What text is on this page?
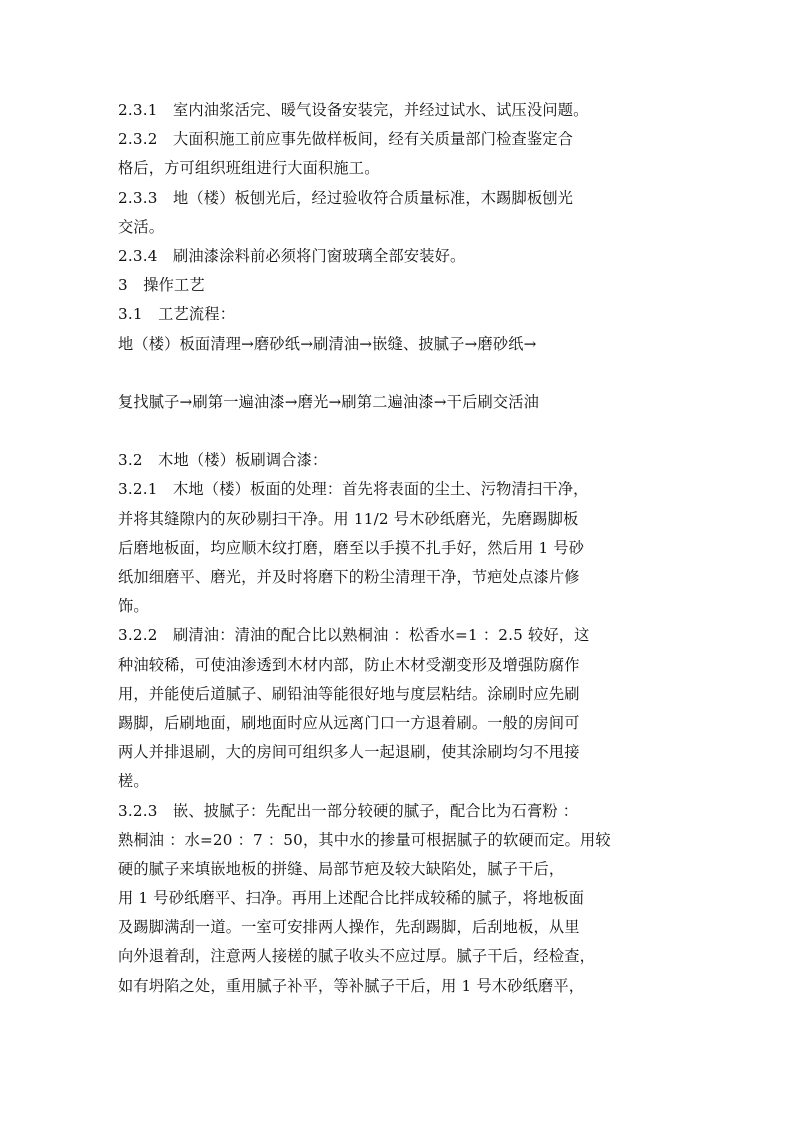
2.3.1　室内油浆活完、暖气设备安装完，并经过试水、试压没问题。
2.3.2　大面积施工前应事先做样板间，经有关质量部门检查鉴定合
格后，方可组织班组进行大面积施工。
2.3.3　地（楼）板刨光后，经过验收符合质量标准，木踢脚板刨光
交活。
2.3.4　刷油漆涂料前必须将门窗玻璃全部安装好。
3　操作工艺
3.1　工艺流程：
地（楼）板面清理→磨砂纸→刷清油→嵌缝、披腻子→磨砂纸→
复找腻子→刷第一遍油漆→磨光→刷第二遍油漆→干后刷交活油
3.2　木地（楼）板刷调合漆：
3.2.1　木地（楼）板面的处理：首先将表面的尘土、污物清扫干净，
并将其缝隙内的灰砂剔扫干净。用 11/2 号木砂纸磨光，先磨踢脚板
后磨地板面，均应顺木纹打磨，磨至以手摸不扎手好，然后用 1 号砂
纸加细磨平、磨光，并及时将磨下的粉尘清理干净，节疤处点漆片修
饰。
3.2.2　刷清油：清油的配合比以熟桐油 ：松香水=1 ：2.5 较好，这
种油较稀，可使油渗透到木材内部，防止木材受潮变形及增强防腐作
用，并能使后道腻子、刷铅油等能很好地与度层粘结。涂刷时应先刷
踢脚，后刷地面，刷地面时应从远离门口一方退着刷。一般的房间可
两人并排退刷，大的房间可组织多人一起退刷，使其涂刷均匀不甩接
槎。
3.2.3　嵌、披腻子：先配出一部分较硬的腻子，配合比为石膏粉 ：
熟桐油 ：水=20 ：7 ：50，其中水的掺量可根据腻子的软硬而定。用较
硬的腻子来填嵌地板的拼缝、局部节疤及较大缺陷处，腻子干后，
用 1 号砂纸磨平、扫净。再用上述配合比拌成较稀的腻子，将地板面
及踢脚满刮一道。一室可安排两人操作，先刮踢脚，后刮地板，从里
向外退着刮，注意两人接槎的腻子收头不应过厚。腻子干后，经检查，
如有坍陷之处，重用腻子补平，等补腻子干后，用 1 号木砂纸磨平，
